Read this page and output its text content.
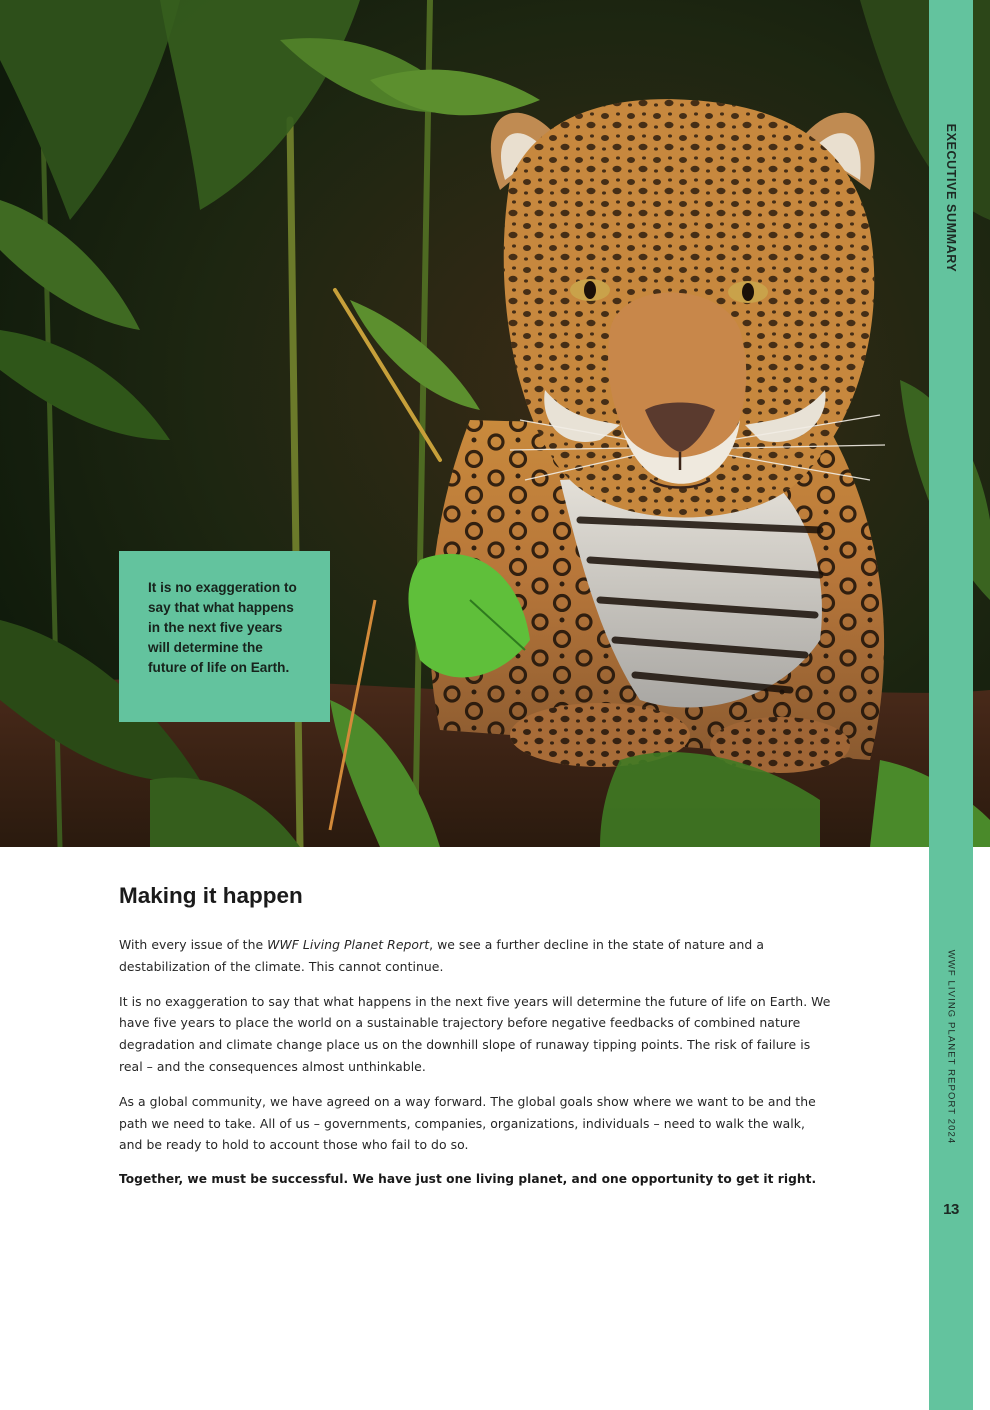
EXECUTIVE SUMMARY
WWF LIVING PLANET REPORT 2024
13

It is no exaggeration to say that what happens in the next five years will determine the future of life on Earth.

Making it happen

With every issue of the WWF Living Planet Report, we see a further decline in the state of nature and a destabilization of the climate. This cannot continue.

It is no exaggeration to say that what happens in the next five years will determine the future of life on Earth. We have five years to place the world on a sustainable trajectory before negative feedbacks of combined nature degradation and climate change place us on the downhill slope of runaway tipping points. The risk of failure is real – and the consequences almost unthinkable.

As a global community, we have agreed on a way forward. The global goals show where we want to be and the path we need to take. All of us – governments, companies, organizations, individuals – need to walk the walk, and be ready to hold to account those who fail to do so.

Together, we must be successful. We have just one living planet, and one opportunity to get it right.
